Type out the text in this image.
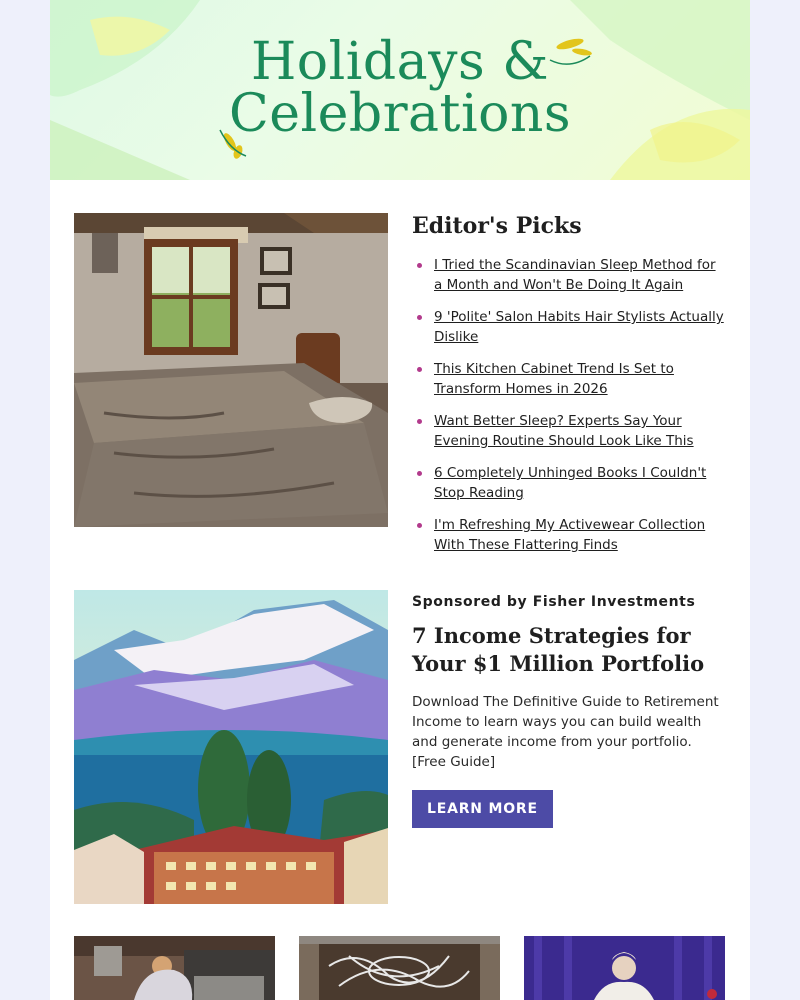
Holidays &
Celebrations
Editor's Picks
I Tried the Scandinavian Sleep Method for a Month and Won't Be Doing It Again
9 'Polite' Salon Habits Hair Stylists Actually Dislike
This Kitchen Cabinet Trend Is Set to Transform Homes in 2026
Want Better Sleep? Experts Say Your Evening Routine Should Look Like This
6 Completely Unhinged Books I Couldn't Stop Reading
I'm Refreshing My Activewear Collection With These Flattering Finds
Sponsored by Fisher Investments
7 Income Strategies for Your $1 Million Portfolio
Download The Definitive Guide to Retirement Income to learn ways you can build wealth and generate income from your portfolio. [Free Guide]
LEARN MORE
